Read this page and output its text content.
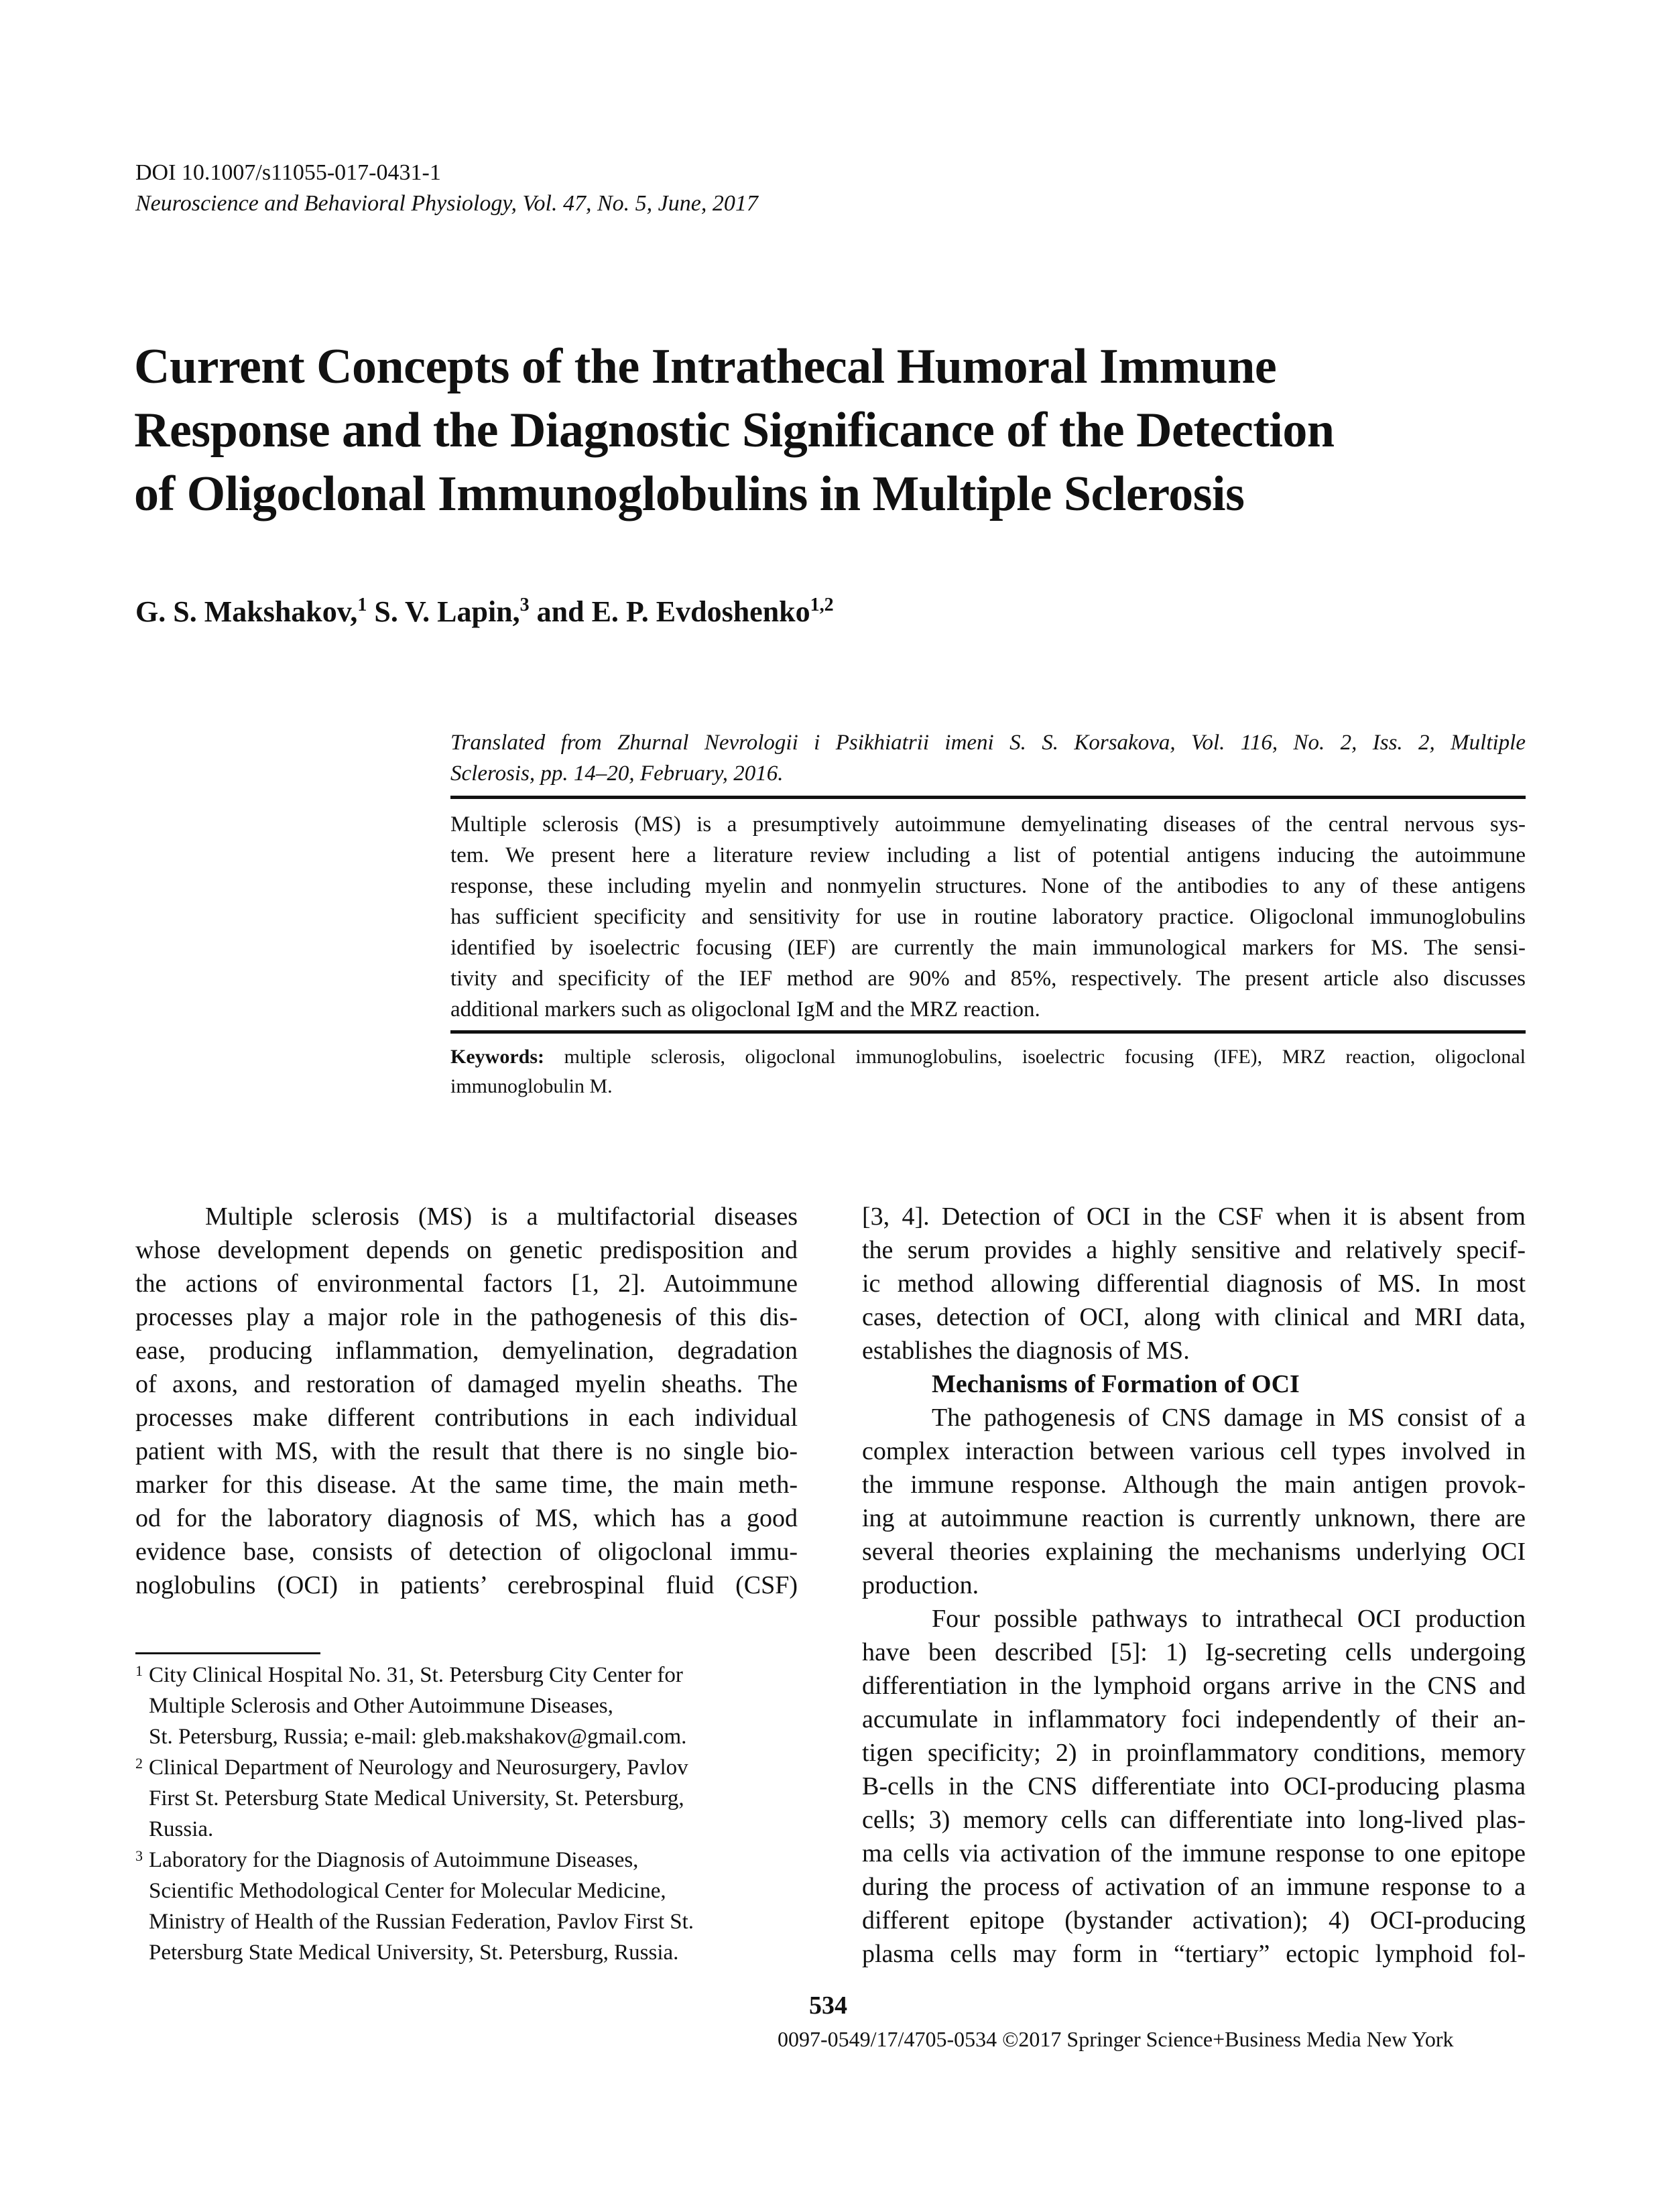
DOI 10.1007/s11055-017-0431-1
Neuroscience and Behavioral Physiology, Vol. 47, No. 5, June, 2017
Current Concepts of the Intrathecal Humoral Immune
Response and the Diagnostic Significance of the Detection
of Oligoclonal Immunoglobulins in Multiple Sclerosis
G. S. Makshakov,$^1$ S. V. Lapin,$^3$ and E. P. Evdoshenko$^{1,2}$
Translated from Zhurnal Nevrologii i Psikhiatrii imeni S. S. Korsakova, Vol. 116, No. 2, Iss. 2, Multiple
Sclerosis, pp. 14–20, February, 2016.
Multiple sclerosis (MS) is a presumptively autoimmune demyelinating diseases of the central nervous sys-
tem. We present here a literature review including a list of potential antigens inducing the autoimmune
response, these including myelin and nonmyelin structures. None of the antibodies to any of these antigens
has sufficient specificity and sensitivity for use in routine laboratory practice. Oligoclonal immunoglobulins
identified by isoelectric focusing (IEF) are currently the main immunological markers for MS. The sensi-
tivity and specificity of the IEF method are 90% and 85%, respectively. The present article also discusses
additional markers such as oligoclonal IgM and the MRZ reaction.
Keywords: multiple sclerosis, oligoclonal immunoglobulins, isoelectric focusing (IFE), MRZ reaction, oligoclonal
immunoglobulin M.
Multiple sclerosis (MS) is a multifactorial diseases
whose development depends on genetic predisposition and
the actions of environmental factors [1, 2]. Autoimmune
processes play a major role in the pathogenesis of this dis-
ease, producing inflammation, demyelination, degradation
of axons, and restoration of damaged myelin sheaths. The
processes make different contributions in each individual
patient with MS, with the result that there is no single bio-
marker for this disease. At the same time, the main meth-
od for the laboratory diagnosis of MS, which has a good
evidence base, consists of detection of oligoclonal immu-
noglobulins (OCI) in patients’ cerebrospinal fluid (CSF)
1 City Clinical Hospital No. 31, St. Petersburg City Center for
Multiple Sclerosis and Other Autoimmune Diseases,
St. Petersburg, Russia; e-mail: gleb.makshakov@gmail.com.
2 Clinical Department of Neurology and Neurosurgery, Pavlov
First St. Petersburg State Medical University, St. Petersburg,
Russia.
3 Laboratory for the Diagnosis of Autoimmune Diseases,
Scientific Methodological Center for Molecular Medicine,
Ministry of Health of the Russian Federation, Pavlov First St.
Petersburg State Medical University, St. Petersburg, Russia.
[3, 4]. Detection of OCI in the CSF when it is absent from
the serum provides a highly sensitive and relatively specif-
ic method allowing differential diagnosis of MS. In most
cases, detection of OCI, along with clinical and MRI data,
establishes the diagnosis of MS.
Mechanisms of Formation of OCI
The pathogenesis of CNS damage in MS consist of a
complex interaction between various cell types involved in
the immune response. Although the main antigen provok-
ing at autoimmune reaction is currently unknown, there are
several theories explaining the mechanisms underlying OCI
production.
Four possible pathways to intrathecal OCI production
have been described [5]: 1) Ig-secreting cells undergoing
differentiation in the lymphoid organs arrive in the CNS and
accumulate in inflammatory foci independently of their an-
tigen specificity; 2) in proinflammatory conditions, memory
B-cells in the CNS differentiate into OCI-producing plasma
cells; 3) memory cells can differentiate into long-lived plas-
ma cells via activation of the immune response to one epitope
during the process of activation of an immune response to a
different epitope (bystander activation); 4) OCI-producing
plasma cells may form in “tertiary” ectopic lymphoid fol-
534
0097-0549/17/4705-0534 ©2017 Springer Science+Business Media New York
